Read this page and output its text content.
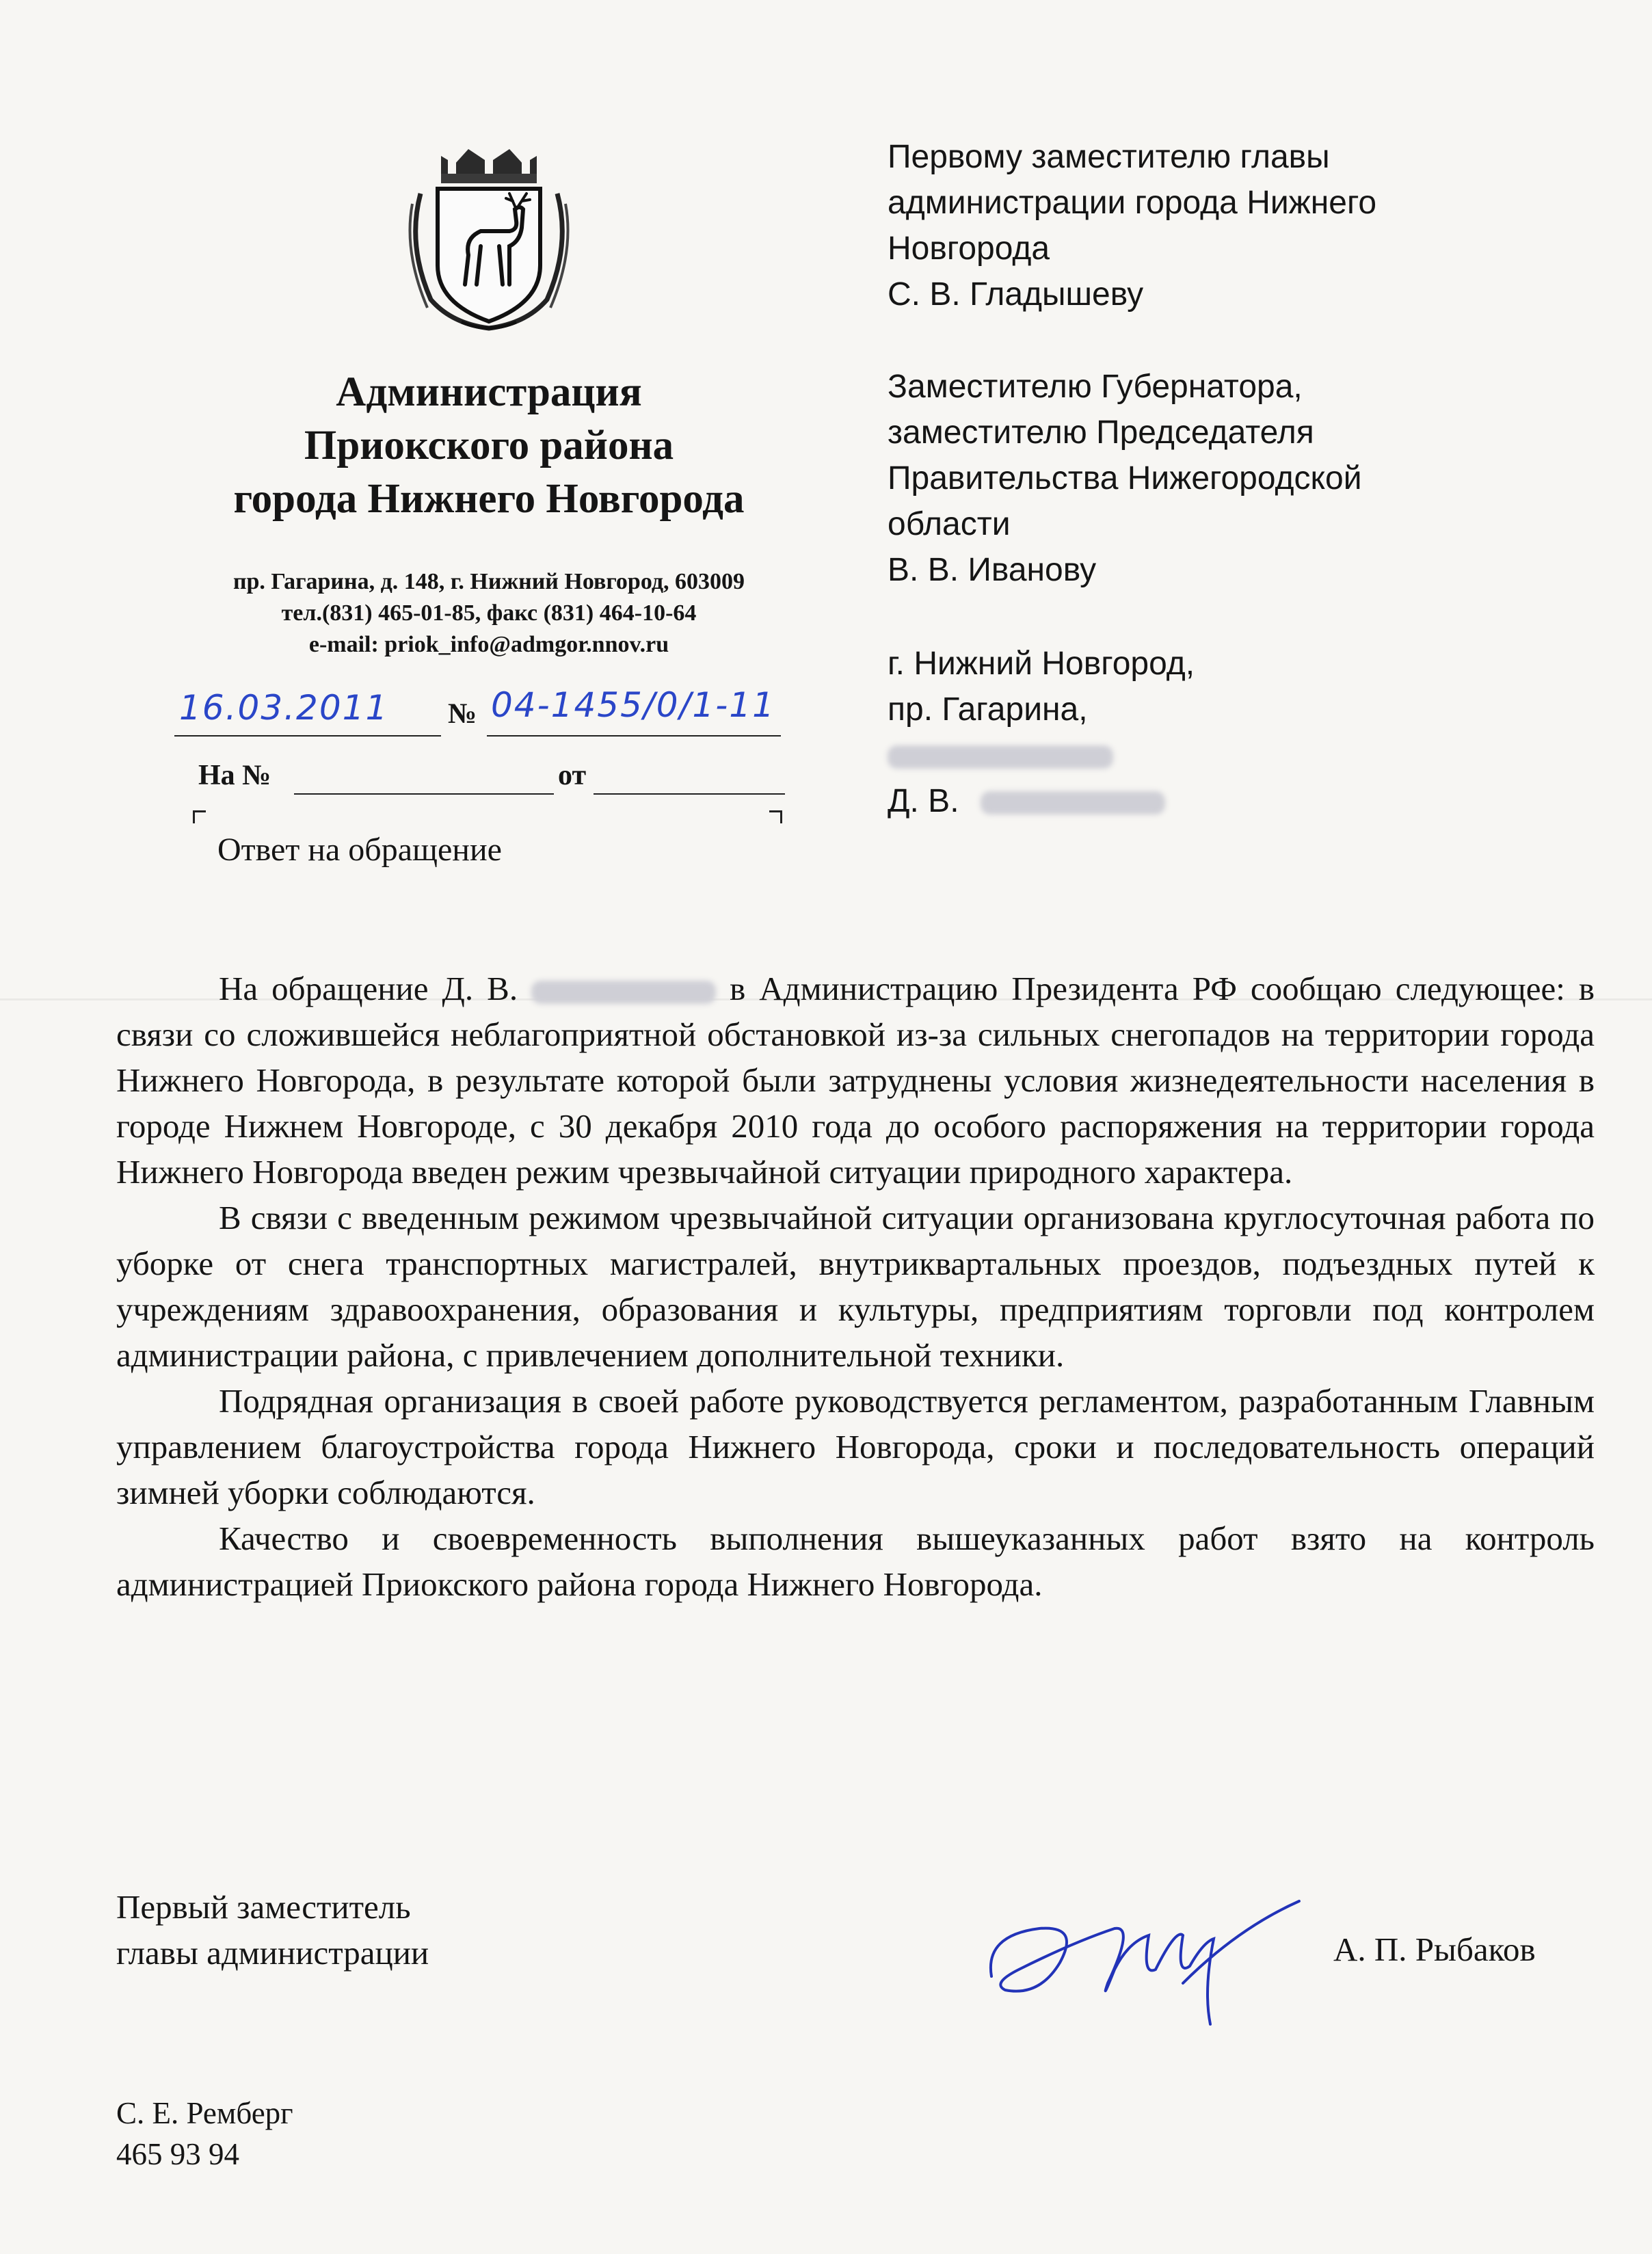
Администрация
Приокского района
города Нижнего Новгорода
пр. Гагарина, д. 148, г. Нижний Новгород, 603009
тел.(831) 465-01-85, факс (831) 464-10-64
e-mail: priok_info@admgor.nnov.ru
16.03.2011 № 04-1455/0/1-11
На №	от
Ответ на обращение
Первому заместителю главы
администрации города Нижнего
Новгорода
С. В. Гладышеву
Заместителю Губернатора,
заместителю Председателя
Правительства Нижегородской
области
В. В. Иванову
г. Нижний Новгород,
пр. Гагарина,
Д. В.

На обращение Д. В.	в Администрацию Президента РФ сообщаю следующее: в связи со сложившейся неблагоприятной обстановкой из-за сильных снегопадов на территории города Нижнего Новгорода, в результате которой были затруднены условия жизнедеятельности населения в городе Нижнем Новгороде, с 30 декабря 2010 года до особого распоряжения на территории города Нижнего Новгорода введен режим чрезвычайной ситуации природного характера.

В связи с введенным режимом чрезвычайной ситуации организована круглосуточная работа по уборке от снега транспортных магистралей, внутриквартальных проездов, подъездных путей к учреждениям здравоохранения, образования и культуры, предприятиям торговли под контролем администрации района, с привлечением дополнительной техники.

Подрядная организация в своей работе руководствуется регламентом, разработанным Главным управлением благоустройства города Нижнего Новгорода, сроки и последовательность операций зимней уборки соблюдаются.

Качество и своевременность выполнения вышеуказанных работ взято на контроль администрацией Приокского района города Нижнего Новгорода.

Первый заместитель
главы администрации	А. П. Рыбаков
С. Е. Ремберг
465 93 94
